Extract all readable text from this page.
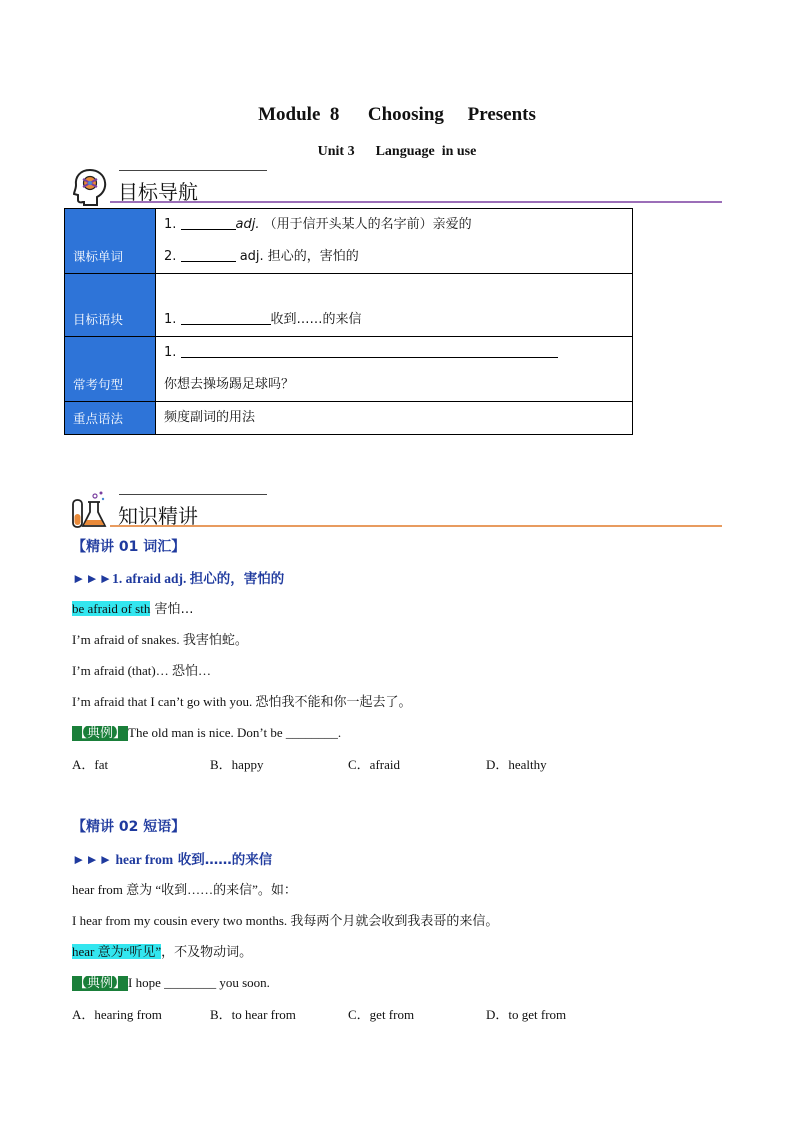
Module  8      Choosing     Presents
Unit 3      Language  in use
目标导航
课标单词	1. adj. （用于信开头某人的名字前）亲爱的
2. adj. 担心的，害怕的

目标语块	1. 收到……的来信

常考句型	1.
你想去操场踢足球吗？

重点语法	频度副词的用法
知识精讲
【精讲 01 词汇】
►►►1. afraid adj. 担心的，害怕的
be afraid of sth 害怕…
I’m afraid of snakes. 我害怕蛇。
I’m afraid (that)… 恐怕…
I’m afraid that I can’t go with you. 恐怕我不能和你一起去了。
【典例】 The old man is nice. Don’t be ________.
A．fat	B．happy	C．afraid	D．healthy
【精讲 02 短语】
►►► hear from 收到……的来信
hear from 意为 “收到……的来信”。如：
I hear from my cousin every two months. 我每两个月就会收到我表哥的来信。
hear 意为“听见”，不及物动词。
【典例】 I hope ________ you soon.
A．hearing from	B．to hear from	C．get from	D．to get from
